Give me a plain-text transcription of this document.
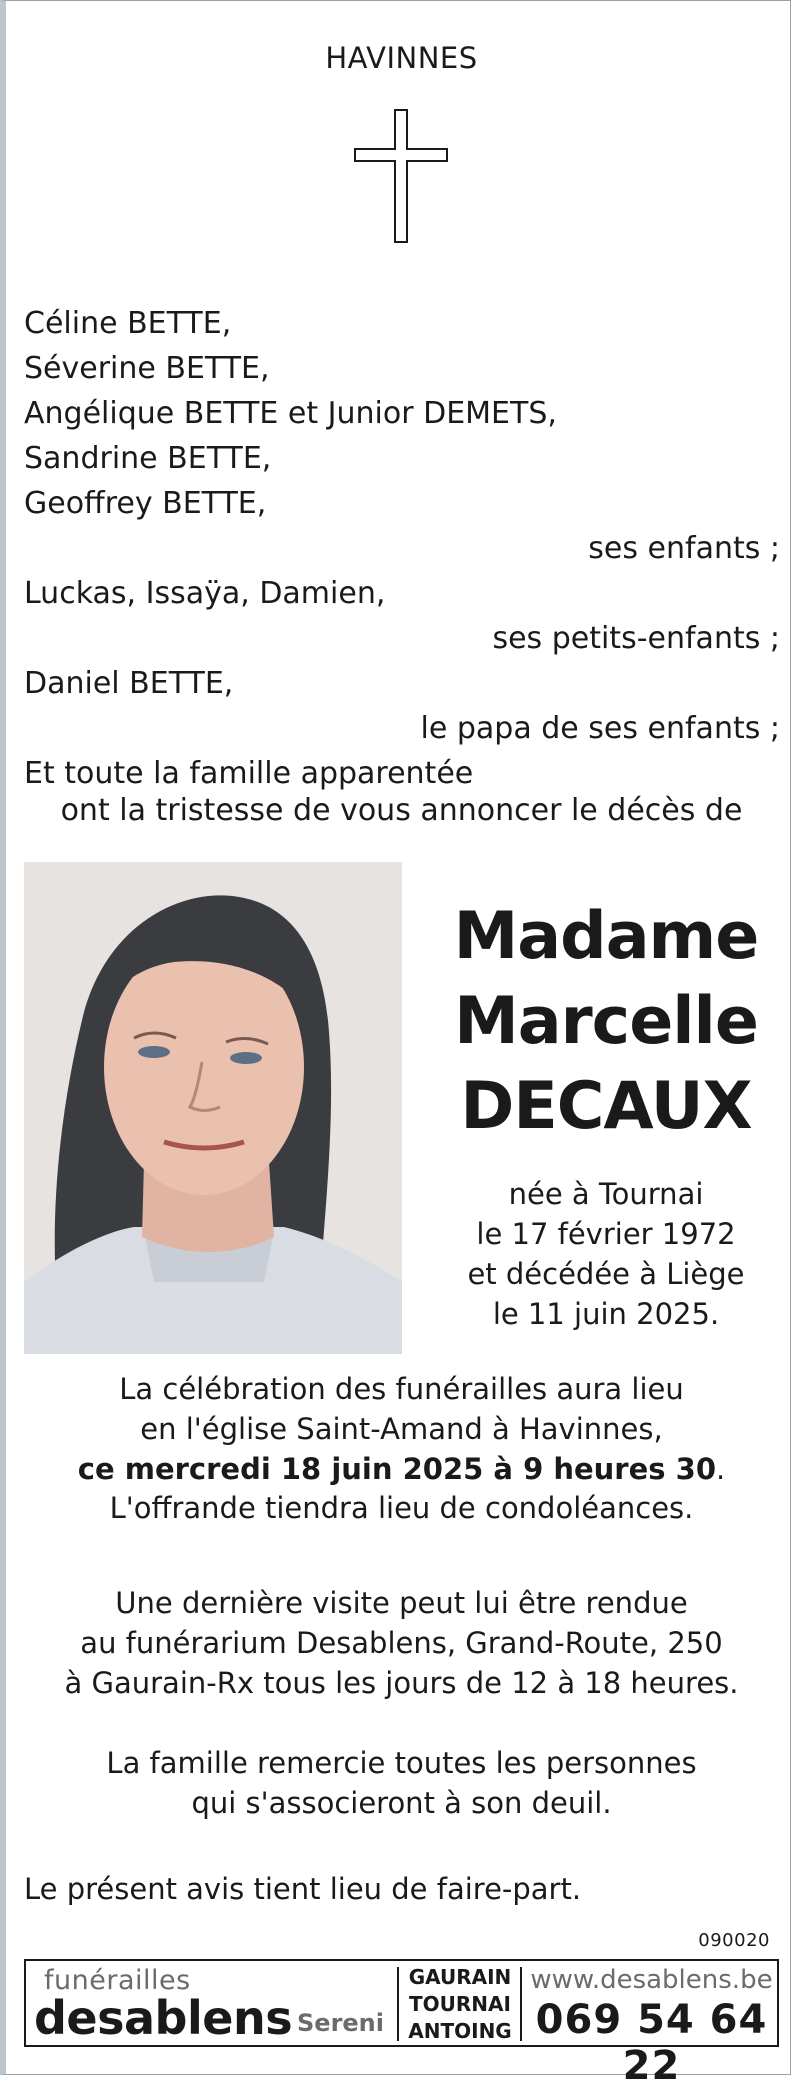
HAVINNES
Céline BETTE,
Séverine BETTE,
Angélique BETTE et Junior DEMETS,
Sandrine BETTE,
Geoffrey BETTE,
ses enfants ;
Luckas, Issaÿa, Damien,
ses petits-enfants ;
Daniel BETTE,
le papa de ses enfants ;
Et toute la famille apparentée
ont la tristesse de vous annoncer le décès de
Madame
Marcelle
DECAUX
née à Tournai
le 17 février 1972
et décédée à Liège
le 11 juin 2025.
La célébration des funérailles aura lieu
en l'église Saint-Amand à Havinnes,
ce mercredi 18 juin 2025 à 9 heures 30.
L'offrande tiendra lieu de condoléances.
Une dernière visite peut lui être rendue
au funérarium Desablens, Grand-Route, 250
à Gaurain-Rx tous les jours de 12 à 18 heures.
La famille remercie toutes les personnes
qui s'associeront à son deuil.
Le présent avis tient lieu de faire-part.
090020
funérailles
desablens Sereni
GAURAIN
TOURNAI
ANTOING
www.desablens.be
069 54 64 22
